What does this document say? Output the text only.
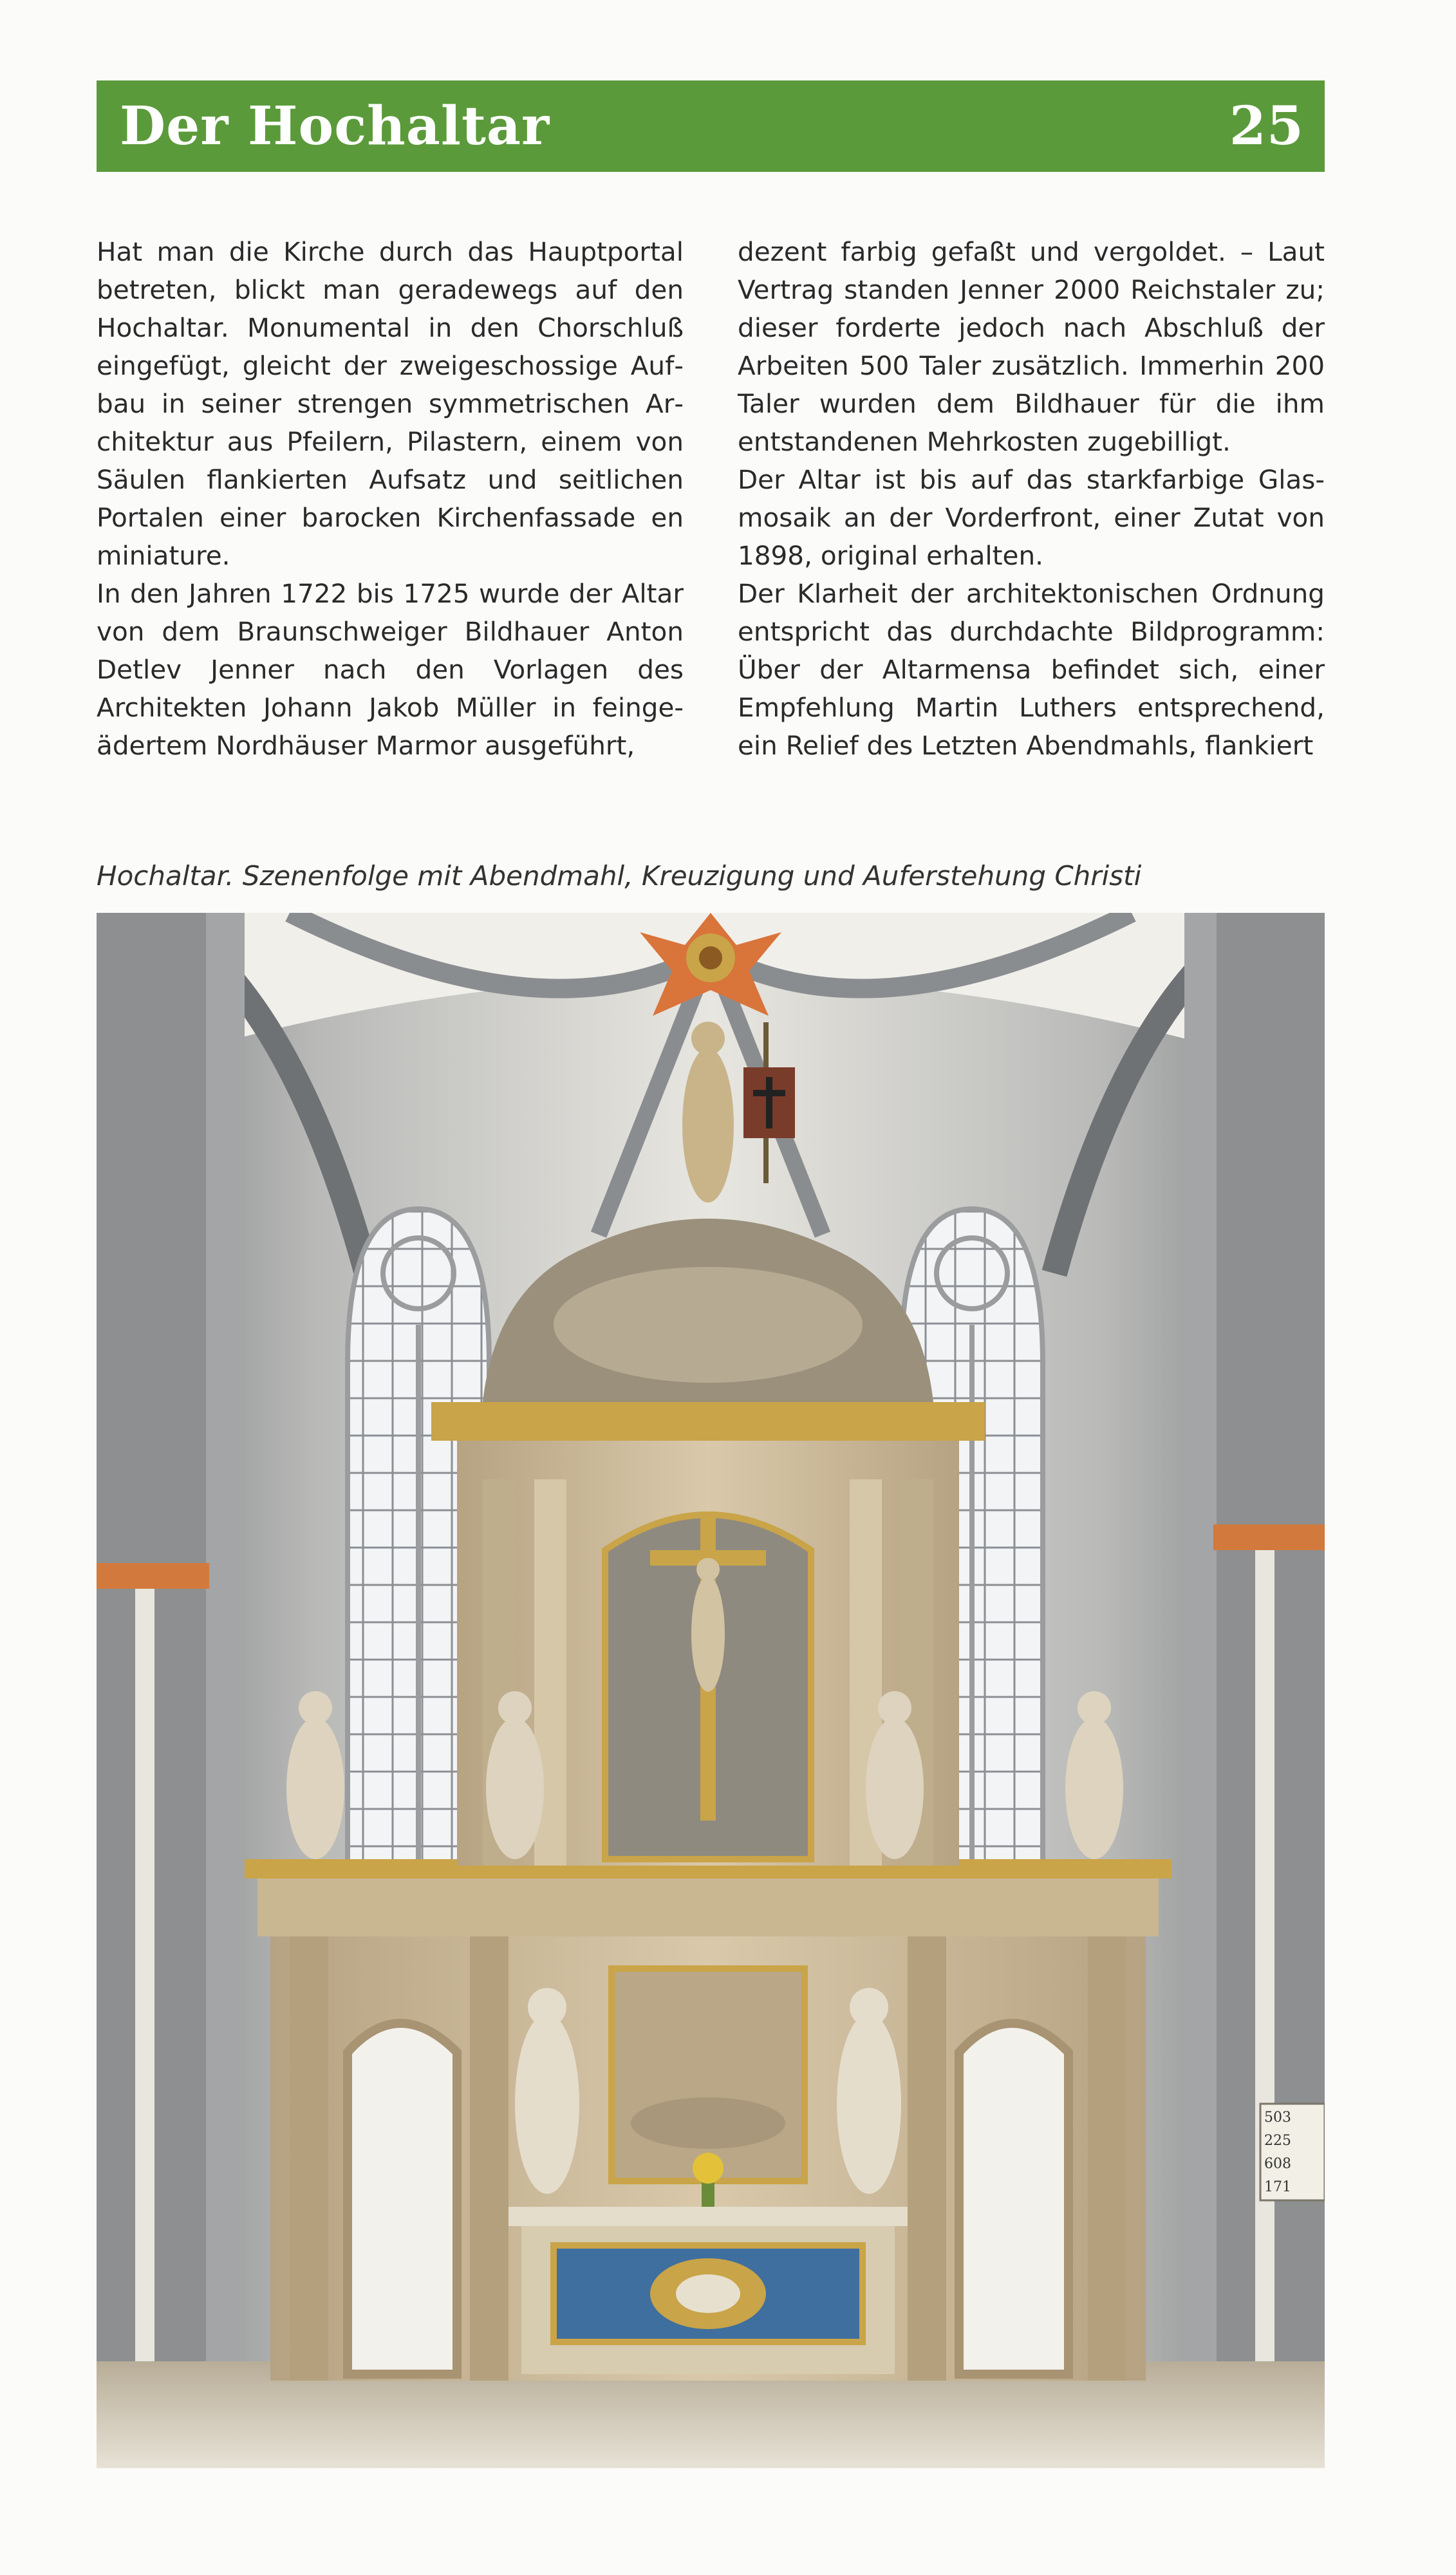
Der Hochaltar	25

Hat man die Kirche durch das Hauptportal betreten, blickt man geradewegs auf den Hochaltar. Monumental in den Chorschluß eingefügt, gleicht der zweigeschossige Aufbau in seiner strengen symmetrischen Architektur aus Pfeilern, Pilastern, einem von Säulen flankierten Aufsatz und seitlichen Portalen einer barocken Kirchenfassade en miniature.

In den Jahren 1722 bis 1725 wurde der Altar von dem Braunschweiger Bildhauer Anton Detlev Jenner nach den Vorlagen des Architekten Johann Jakob Müller in feingeädertem Nordhäuser Marmor ausgeführt,

dezent farbig gefaßt und vergoldet. – Laut Vertrag standen Jenner 2000 Reichstaler zu; dieser forderte jedoch nach Abschluß der Arbeiten 500 Taler zusätzlich. Immerhin 200 Taler wurden dem Bildhauer für die ihm entstandenen Mehrkosten zugebilligt.

Der Altar ist bis auf das starkfarbige Glasmosaik an der Vorderfront, einer Zutat von 1898, original erhalten.

Der Klarheit der architektonischen Ordnung entspricht das durchdachte Bildprogramm: Über der Altarmensa befindet sich, einer Empfehlung Martin Luthers entsprechend, ein Relief des Letzten Abendmahls, flankiert

Hochaltar. Szenenfolge mit Abendmahl, Kreuzigung und Auferstehung Christi
503
225
608
171
